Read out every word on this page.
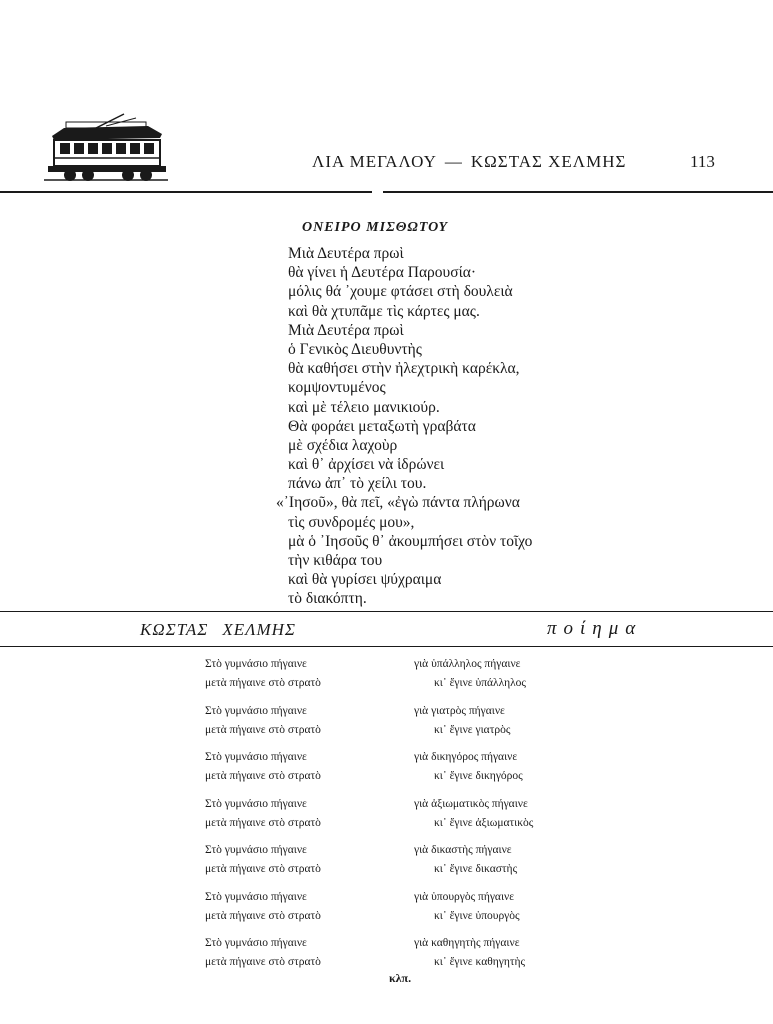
ΛΙΑ ΜΕΓΑΛΟΥ — ΚΩΣΤΑΣ ΧΕΛΜΗΣ	113
ΟΝΕΙΡΟ ΜΙΣΘΩΤΟΥ
Μιὰ Δευτέρα πρωὶ
θὰ γίνει ἡ Δευτέρα Παρουσία·
μόλις θά ᾽χουμε φτάσει στὴ δουλειὰ
καὶ θὰ χτυπᾶμε τὶς κάρτες μας.
Μιὰ Δευτέρα πρωὶ
ὁ Γενικὸς Διευθυντὴς
θὰ καθήσει στὴν ἠλεχτρικὴ καρέκλα,
κομψοντυμένος
καὶ μὲ τέλειο μανικιούρ.
Θὰ φοράει μεταξωτὴ γραβάτα
μὲ σχέδια λαχοὺρ
καὶ θ᾽ ἀρχίσει νὰ ἱδρώνει
πάνω ἀπ᾽ τὸ χείλι του.
«᾽Ιησοῦ», θὰ πεῖ, «ἐγὼ πάντα πλήρωνα
τὶς συνδρομές μου»,
μὰ ὁ ᾽Ιησοῦς θ᾽ ἀκουμπήσει στὸν τοῖχο
τὴν κιθάρα του
καὶ θὰ γυρίσει ψύχραιμα
τὸ διακόπτη.
ΚΩΣΤΑΣ ΧΕΛΜΗΣ	ποίημα
Στὸ γυμνάσιο πήγαινε
μετὰ πήγαινε στὸ στρατὸ
γιὰ ὑπάλληλος πήγαινε
κι᾽ ἔγινε ὑπάλληλος
Στὸ γυμνάσιο πήγαινε
μετὰ πήγαινε στὸ στρατὸ
γιὰ γιατρὸς πήγαινε
κι᾽ ἔγινε γιατρὸς
Στὸ γυμνάσιο πήγαινε
μετὰ πήγαινε στὸ στρατὸ
γιὰ δικηγόρος πήγαινε
κι᾽ ἔγινε δικηγόρος
Στὸ γυμνάσιο πήγαινε
μετὰ πήγαινε στὸ στρατὸ
γιὰ ἀξιωματικὸς πήγαινε
κι᾽ ἔγινε ἀξιωματικὸς
Στὸ γυμνάσιο πήγαινε
μετὰ πήγαινε στὸ στρατὸ
γιὰ δικαστὴς πήγαινε
κι᾽ ἔγινε δικαστὴς
Στὸ γυμνάσιο πήγαινε
μετὰ πήγαινε στὸ στρατὸ
γιὰ ὑπουργὸς πήγαινε
κι᾽ ἔγινε ὑπουργὸς
Στὸ γυμνάσιο πήγαινε
μετὰ πήγαινε στὸ στρατὸ
γιὰ καθηγητὴς πήγαινε
κι᾽ ἔγινε καθηγητὴς
κλπ.
